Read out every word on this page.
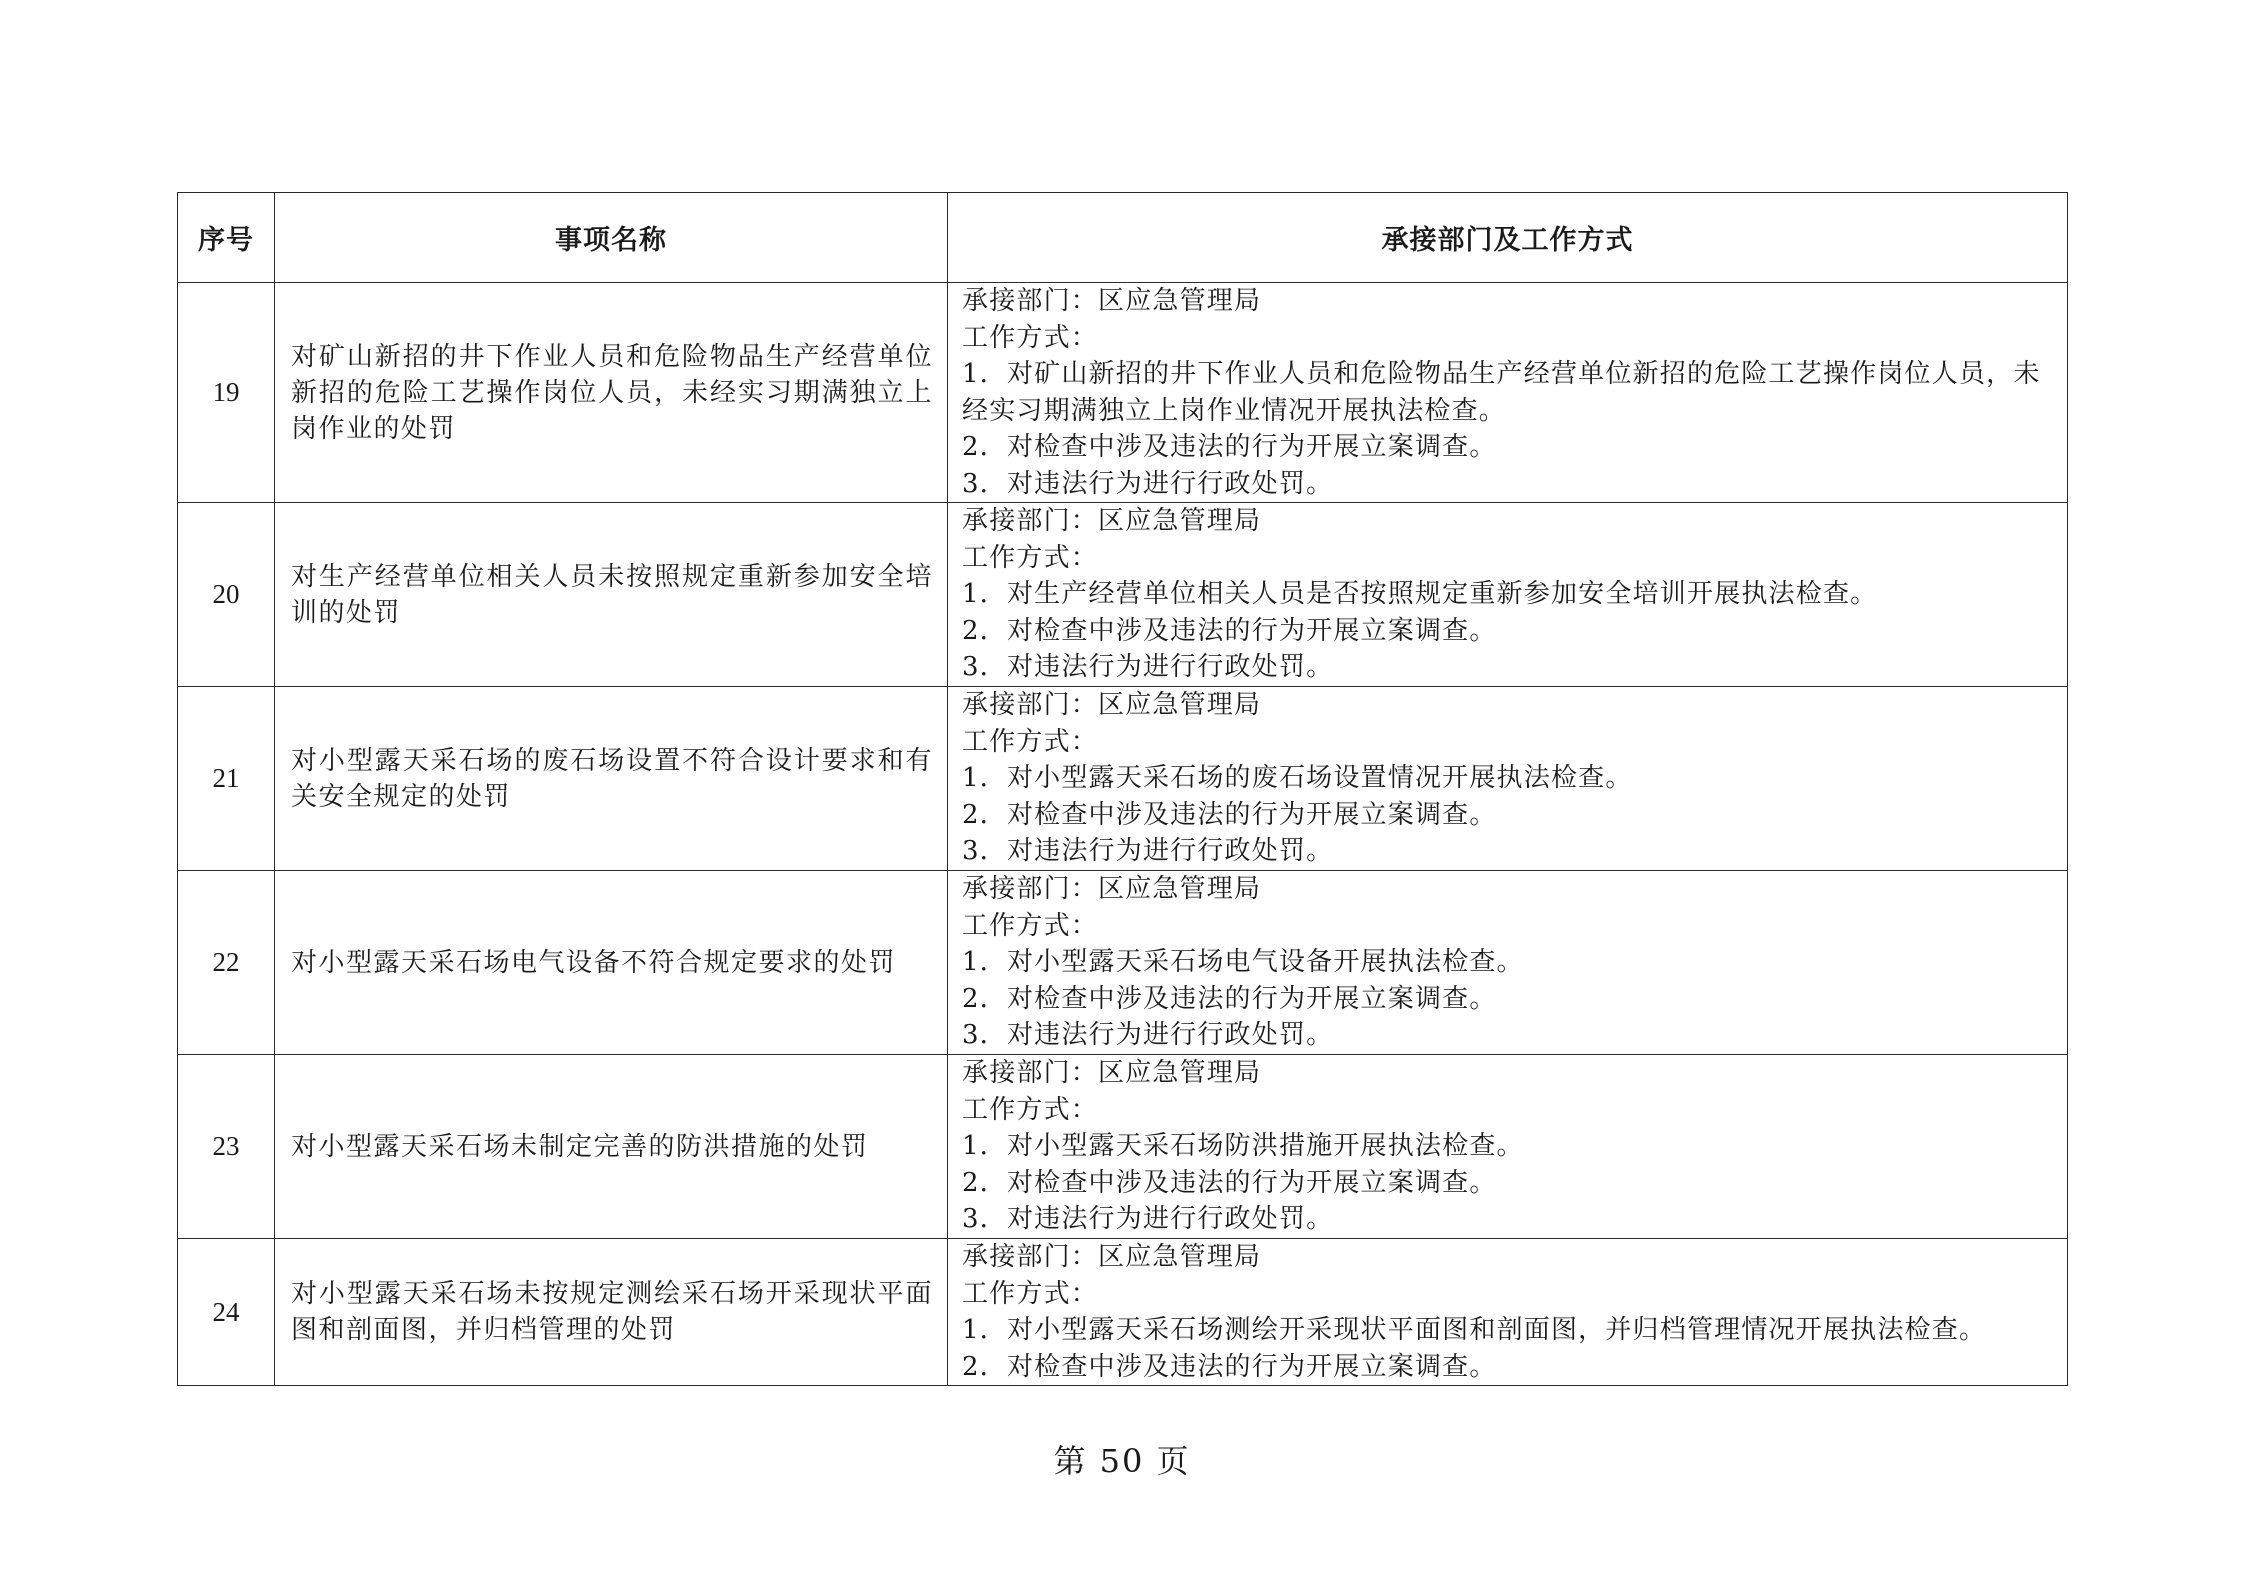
序号	事项名称	承接部门及工作方式
19	对矿山新招的井下作业人员和危险物品生产经营单位新招的危险工艺操作岗位人员，未经实习期满独立上岗作业的处罚	承接部门：区应急管理局
工作方式：
1．对矿山新招的井下作业人员和危险物品生产经营单位新招的危险工艺操作岗位人员，未经实习期满独立上岗作业情况开展执法检查。
2．对检查中涉及违法的行为开展立案调查。
3．对违法行为进行行政处罚。

20	对生产经营单位相关人员未按照规定重新参加安全培训的处罚	承接部门：区应急管理局
工作方式：
1．对生产经营单位相关人员是否按照规定重新参加安全培训开展执法检查。
2．对检查中涉及违法的行为开展立案调查。
3．对违法行为进行行政处罚。

21	对小型露天采石场的废石场设置不符合设计要求和有关安全规定的处罚	承接部门：区应急管理局
工作方式：
1．对小型露天采石场的废石场设置情况开展执法检查。
2．对检查中涉及违法的行为开展立案调查。
3．对违法行为进行行政处罚。

22	对小型露天采石场电气设备不符合规定要求的处罚	承接部门：区应急管理局
工作方式：
1．对小型露天采石场电气设备开展执法检查。
2．对检查中涉及违法的行为开展立案调查。
3．对违法行为进行行政处罚。

23	对小型露天采石场未制定完善的防洪措施的处罚	承接部门：区应急管理局
工作方式：
1．对小型露天采石场防洪措施开展执法检查。
2．对检查中涉及违法的行为开展立案调查。
3．对违法行为进行行政处罚。

24	对小型露天采石场未按规定测绘采石场开采现状平面图和剖面图，并归档管理的处罚	承接部门：区应急管理局
工作方式：
1．对小型露天采石场测绘开采现状平面图和剖面图，并归档管理情况开展执法检查。
2．对检查中涉及违法的行为开展立案调查。
第 50 页
